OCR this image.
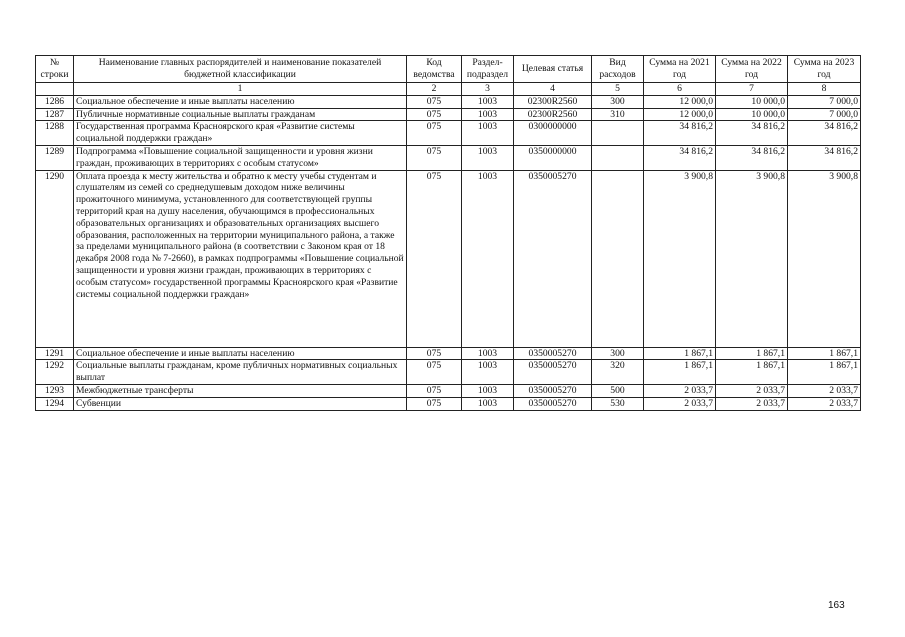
№ строки	Наименование главных распорядителей и наименование показателей бюджетной классификации	Код ведомства	Раздел-подраздел	Целевая статья	Вид расходов	Сумма на 2021 год	Сумма на 2022 год	Сумма на 2023 год
	1	2	3	4	5	6	7	8
1286	Социальное обеспечение и иные выплаты населению	075	1003	02300R2560	300	12 000,0	10 000,0	7 000,0
1287	Публичные нормативные социальные выплаты гражданам	075	1003	02300R2560	310	12 000,0	10 000,0	7 000,0
1288	Государственная программа Красноярского края «Развитие системы социальной поддержки граждан»	075	1003	0300000000		34 816,2	34 816,2	34 816,2
1289	Подпрограмма «Повышение социальной защищенности и уровня жизни граждан, проживающих в территориях с особым статусом»	075	1003	0350000000		34 816,2	34 816,2	34 816,2
1290	Оплата проезда к месту жительства и обратно к месту учебы студентам и слушателям из семей со среднедушевым доходом ниже величины прожиточного минимума, установленного для соответствующей группы территорий края на душу населения, обучающимся в профессиональных образовательных организациях и образовательных организациях высшего образования, расположенных на территории муниципального района, а также за пределами муниципального района (в соответствии с Законом края от 18 декабря 2008 года № 7-2660), в рамках подпрограммы «Повышение социальной защищенности и уровня жизни граждан, проживающих в территориях с особым статусом» государственной программы Красноярского края «Развитие системы социальной поддержки граждан»	075	1003	0350005270		3 900,8	3 900,8	3 900,8
1291	Социальное обеспечение и иные выплаты населению	075	1003	0350005270	300	1 867,1	1 867,1	1 867,1
1292	Социальные выплаты гражданам, кроме публичных нормативных социальных выплат	075	1003	0350005270	320	1 867,1	1 867,1	1 867,1
1293	Межбюджетные трансферты	075	1003	0350005270	500	2 033,7	2 033,7	2 033,7
1294	Субвенции	075	1003	0350005270	530	2 033,7	2 033,7	2 033,7
163
